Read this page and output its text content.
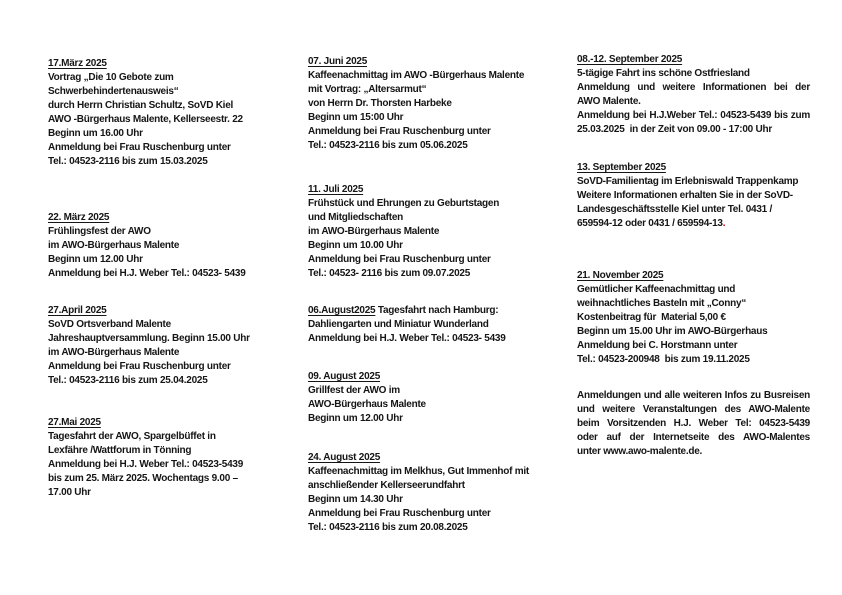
17.März 2025
Vortrag „Die 10 Gebote zum
Schwerbehindertenausweis“
durch Herrn Christian Schultz, SoVD Kiel
AWO -Bürgerhaus Malente, Kellerseestr. 22
Beginn um 16.00 Uhr
Anmeldung bei Frau Ruschenburg unter
Tel.: 04523-2116 bis zum 15.03.2025
22. März 2025
Frühlingsfest der AWO
im AWO-Bürgerhaus Malente
Beginn um 12.00 Uhr
Anmeldung bei H.J. Weber Tel.: 04523- 5439
27.April 2025
SoVD Ortsverband Malente
Jahreshauptversammlung. Beginn 15.00 Uhr
im AWO-Bürgerhaus Malente
Anmeldung bei Frau Ruschenburg unter
Tel.: 04523-2116 bis zum 25.04.2025
27.Mai 2025
Tagesfahrt der AWO, Spargelbüffet in
Lexfähre /Wattforum in Tönning
Anmeldung bei H.J. Weber Tel.: 04523-5439
bis zum 25. März 2025. Wochentags 9.00 –
17.00 Uhr
07. Juni 2025
Kaffeenachmittag im AWO -Bürgerhaus Malente
mit Vortrag: „Altersarmut“
von Herrn Dr. Thorsten Harbeke
Beginn um 15:00 Uhr
Anmeldung bei Frau Ruschenburg unter
Tel.: 04523-2116 bis zum 05.06.2025
11. Juli 2025
Frühstück und Ehrungen zu Geburtstagen
und Mitgliedschaften
im AWO-Bürgerhaus Malente
Beginn um 10.00 Uhr
Anmeldung bei Frau Ruschenburg unter
Tel.: 04523- 2116 bis zum 09.07.2025
06.August2025 Tagesfahrt nach Hamburg:
Dahliengarten und Miniatur Wunderland
Anmeldung bei H.J. Weber Tel.: 04523- 5439
09. August 2025
Grillfest der AWO im
AWO-Bürgerhaus Malente
Beginn um 12.00 Uhr
24. August 2025
Kaffeenachmittag im Melkhus, Gut Immenhof mit
anschließender Kellerseerundfahrt
Beginn um 14.30 Uhr
Anmeldung bei Frau Ruschenburg unter
Tel.: 04523-2116 bis zum 20.08.2025
08.-12. September 2025
5-tägige Fahrt ins schöne Ostfriesland
Anmeldung und weitere Informationen bei der
AWO Malente.
Anmeldung bei H.J.Weber Tel.: 04523-5439 bis zum
25.03.2025  in der Zeit von 09.00 - 17:00 Uhr
13. September 2025
SoVD-Familientag im Erlebniswald Trappenkamp
Weitere Informationen erhalten Sie in der SoVD-
Landesgeschäftsstelle Kiel unter Tel. 0431 /
659594-12 oder 0431 / 659594-13.
21. November 2025
Gemütlicher Kaffeenachmittag und
weihnachtliches Basteln mit „Conny“
Kostenbeitrag für  Material 5,00 €
Beginn um 15.00 Uhr im AWO-Bürgerhaus
Anmeldung bei C. Horstmann unter
Tel.: 04523-200948  bis zum 19.11.2025
Anmeldungen und alle weiteren Infos zu Busreisen
und weitere Veranstaltungen des AWO-Malente
beim Vorsitzenden H.J. Weber Tel: 04523-5439
oder auf der Internetseite des AWO-Malentes
unter www.awo-malente.de.
